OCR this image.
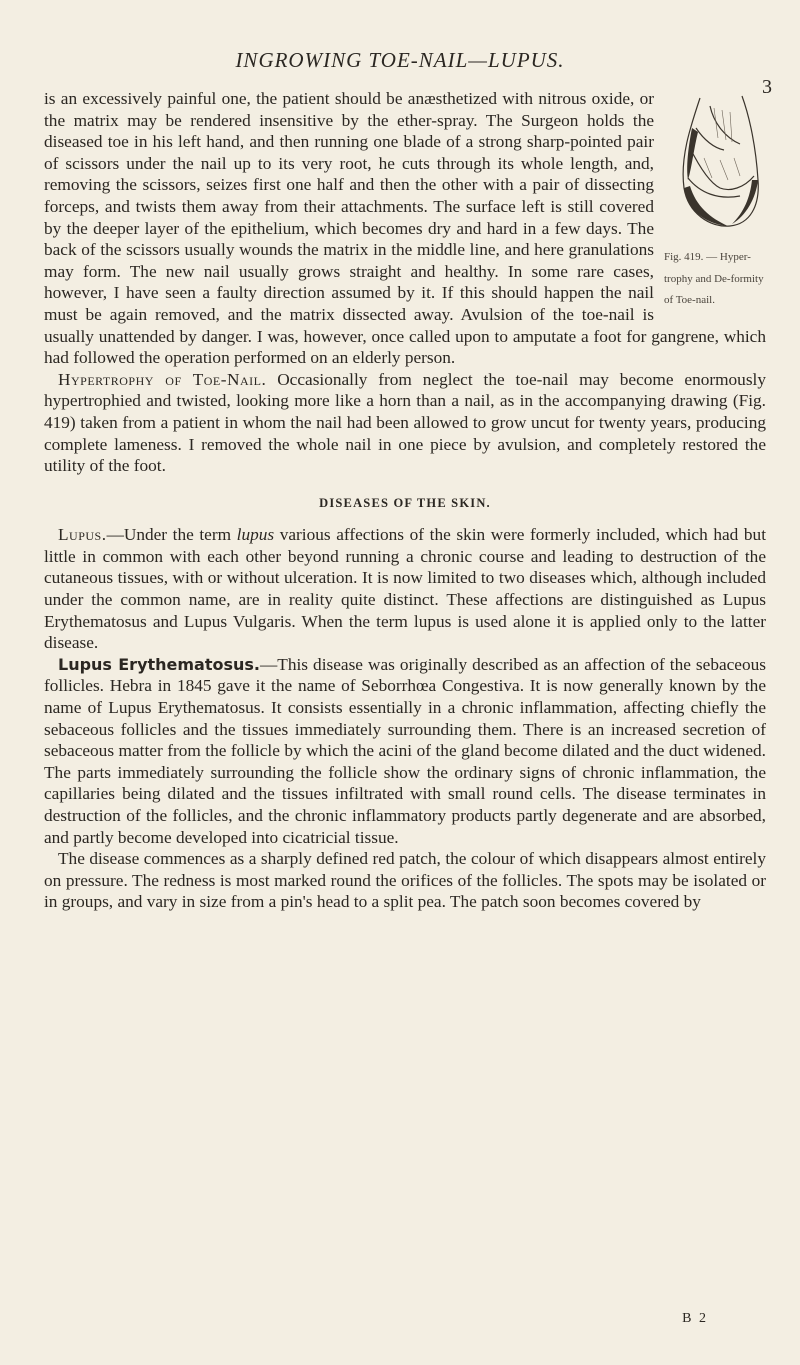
INGROWING TOE-NAIL—LUPUS.
3

Fig. 419. — Hyper-trophy and De-formity of Toe-nail.
is an excessively painful one, the patient should be anæsthetized with nitrous oxide, or the matrix may be rendered insensitive by the ether-spray. The Surgeon holds the diseased toe in his left hand, and then running one blade of a strong sharp-pointed pair of scissors under the nail up to its very root, he cuts through its whole length, and, removing the scissors, seizes first one half and then the other with a pair of dissecting forceps, and twists them away from their attachments. The surface left is still covered by the deeper layer of the epithelium, which becomes dry and hard in a few days. The back of the scissors usually wounds the matrix in the middle line, and here granulations may form. The new nail usually grows straight and healthy. In some rare cases, however, I have seen a faulty direction assumed by it. If this should happen the nail must be again removed, and the matrix dissected away. Avulsion of the toe-nail is usually unattended by danger. I was, however, once called upon to amputate a foot for gangrene, which had followed the operation performed on an elderly person.

Hypertrophy of Toe-Nail. Occasionally from neglect the toe-nail may become enormously hypertrophied and twisted, looking more like a horn than a nail, as in the accompanying drawing (Fig. 419) taken from a patient in whom the nail had been allowed to grow uncut for twenty years, producing complete lameness. I removed the whole nail in one piece by avulsion, and completely restored the utility of the foot.

DISEASES OF THE SKIN.

Lupus.—Under the term lupus various affections of the skin were formerly included, which had but little in common with each other beyond running a chronic course and leading to destruction of the cutaneous tissues, with or without ulceration. It is now limited to two diseases which, although included under the common name, are in reality quite distinct. These affections are distinguished as Lupus Erythematosus and Lupus Vulgaris. When the term lupus is used alone it is applied only to the latter disease.

Lupus Erythematosus.—This disease was originally described as an affection of the sebaceous follicles. Hebra in 1845 gave it the name of Seborrhœa Congestiva. It is now generally known by the name of Lupus Erythematosus. It consists essentially in a chronic inflammation, affecting chiefly the sebaceous follicles and the tissues immediately surrounding them. There is an increased secretion of sebaceous matter from the follicle by which the acini of the gland become dilated and the duct widened. The parts immediately surrounding the follicle show the ordinary signs of chronic inflammation, the capillaries being dilated and the tissues infiltrated with small round cells. The disease terminates in destruction of the follicles, and the chronic inflammatory products partly degenerate and are absorbed, and partly become developed into cicatricial tissue.

The disease commences as a sharply defined red patch, the colour of which disappears almost entirely on pressure. The redness is most marked round the orifices of the follicles. The spots may be isolated or in groups, and vary in size from a pin's head to a split pea. The patch soon becomes covered by

B 2
